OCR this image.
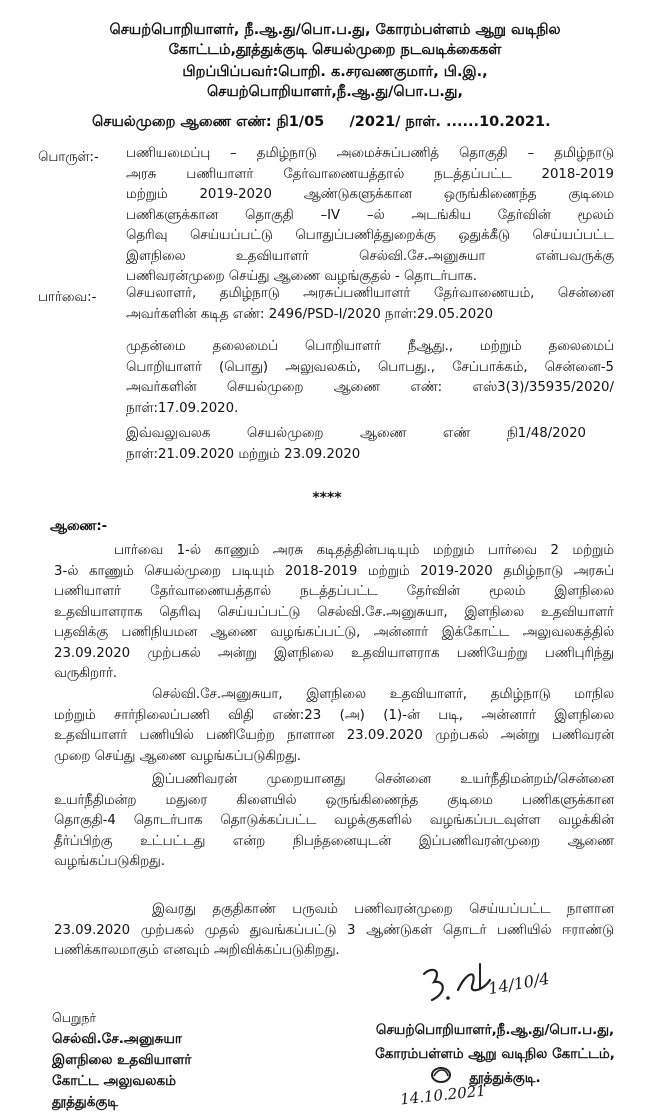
செயற்பொறியாளர், நீ.ஆ.து/பொ.ப.து, கோரம்பள்ளம் ஆறு வடிநில
கோட்டம்,தூத்துக்குடி செயல்முறை நடவடிக்கைகள்
பிறப்பிப்பவர்:பொறி. க.சரவணகுமார், பி.இ.,
செயற்பொறியாளர்,நீ.ஆ.து/பொ.ப.து,
செயல்முறை ஆணை எண்: நி1/05     /2021/ நாள். ......10.2021.
பொருள்:- பணியமைப்பு – தமிழ்நாடு அமைச்சுப்பணித் தொகுதி – தமிழ்நாடு
அரசு பணியாளர் தேர்வாணையத்தால் நடத்தப்பட்ட 2018-2019
மற்றும் 2019-2020 ஆண்டுகளுக்கான ஒருங்கிணைந்த குடிமை
பணிகளுக்கான தொகுதி –IV –ல் அடங்கிய தேர்வின் மூலம்
தெரிவு செய்யப்பட்டு பொதுப்பணித்துறைக்கு ஒதுக்கீடு செய்யப்பட்ட
இளநிலை உதவியாளர் செல்வி.சே.அனுசுயா என்பவருக்கு
பணிவரன்முறை செய்து ஆணை வழங்குதல் - தொடர்பாக.
பார்வை:- செயலாளர், தமிழ்நாடு அரசுப்பணியாளர் தேர்வாணையம், சென்னை
அவர்களின் கடித எண்: 2496/PSD-I/2020 நாள்:29.05.2020
முதன்மை தலைமைப் பொறியாளர் நீஆது., மற்றும் தலைமைப்
பொறியாளர் (பொது) அலுவலகம், பொபது., சேப்பாக்கம், சென்னை-5
அவர்களின் செயல்முறை ஆணை எண்: எஸ்3(3)/35935/2020/
நாள்:17.09.2020.
இவ்வலுவலக செயல்முறை ஆணை எண் நி1/48/2020
நாள்:21.09.2020 மற்றும் 23.09.2020
****
ஆணை:-
பார்வை 1-ல் காணும் அரசு கடிதத்தின்படியும் மற்றும் பார்வை 2 மற்றும்
3-ல் காணும் செயல்முறை படியும் 2018-2019 மற்றும் 2019-2020 தமிழ்நாடு அரசுப்
பணியாளர் தேர்வாணையத்தால் நடத்தப்பட்ட தேர்வின் மூலம் இளநிலை
உதவியாளராக தெரிவு செய்யப்பட்டு செல்வி.சே.அனுசுயா, இளநிலை உதவியாளர்
பதவிக்கு பணிநியமன ஆணை வழங்கப்பட்டு, அன்னார் இக்கோட்ட அலுவலகத்தில்
23.09.2020 முற்பகல் அன்று இளநிலை உதவியாளராக பணியேற்று பணிபுரிந்து
வருகிறார்.
செல்வி.சே.அனுசுயா, இளநிலை உதவியாளர், தமிழ்நாடு மாநில
மற்றும் சார்நிலைப்பணி விதி எண்:23 (அ) (1)-ன் படி, அன்னார் இளநிலை
உதவியாளர் பணியில் பணியேற்ற நாளான 23.09.2020 முற்பகல் அன்று பணிவரன்
முறை செய்து ஆணை வழங்கப்படுகிறது.
இப்பணிவரன் முறையானது சென்னை உயர்நீதிமன்றம்/சென்னை
உயர்நீதிமன்ற மதுரை கிளையில் ஒருங்கிணைந்த குடிமை பணிகளுக்கான
தொகுதி-4 தொடர்பாக தொடுக்கப்பட்ட வழக்குகளில் வழங்கப்படவுள்ள வழக்கின்
தீர்ப்பிற்கு உட்பட்டது என்ற நிபந்தனையுடன் இப்பணிவரன்முறை ஆணை
வழங்கப்படுகிறது.
இவரது தகுதிகாண் பருவம் பணிவரன்முறை செய்யப்பட்ட நாளான
23.09.2020 முற்பகல் முதல் துவங்கப்பட்டு 3 ஆண்டுகள் தொடர் பணியில் ஈராண்டு
பணிக்காலமாகும் எனவும் அறிவிக்கப்படுகிறது.
பெறுநர்
செல்வி.சே.அனுசுயா
இளநிலை உதவியாளர்
கோட்ட அலுவலகம்
தூத்துக்குடி
14/10/4
செயற்பொறியாளர்,நீ.ஆ.து/பொ.ப.து,
கோரம்பள்ளம் ஆறு வடிநில கோட்டம்,
தூத்துக்குடி.
14.10.2021
